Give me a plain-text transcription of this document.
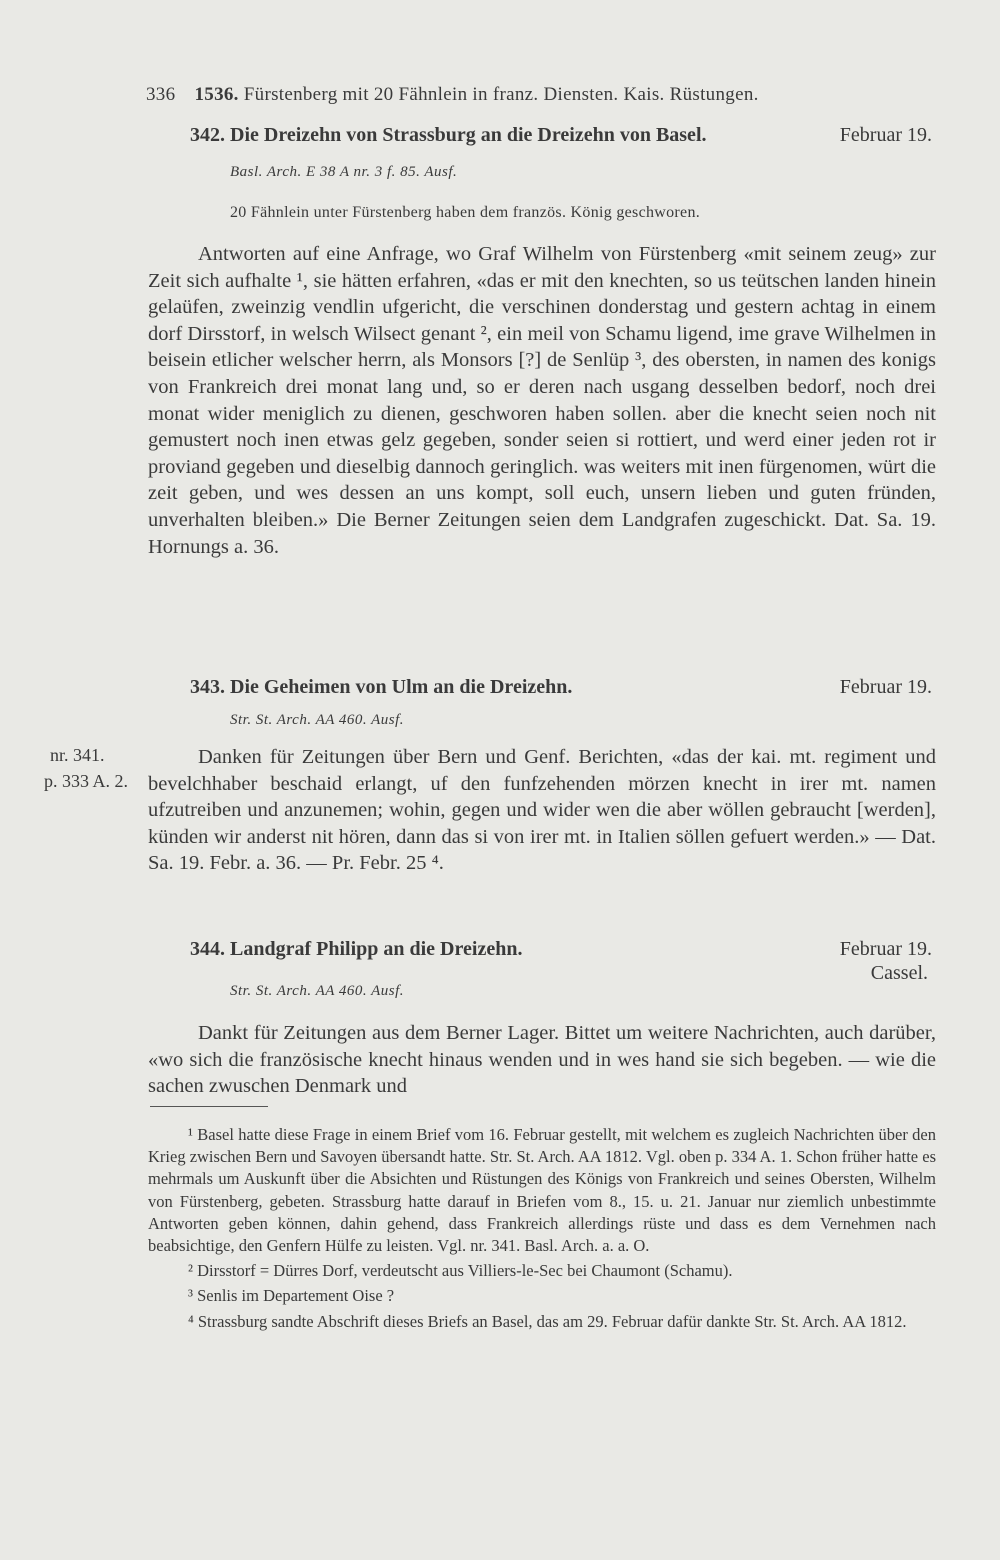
336 1536. Fürstenberg mit 20 Fähnlein in franz. Diensten. Kais. Rüstungen.
342. Die Dreizehn von Strassburg an die Dreizehn von Basel.	Februar 19.
Basl. Arch. E 38 A nr. 3 f. 85. Ausf.
20 Fähnlein unter Fürstenberg haben dem französ. König geschworen.

Antworten auf eine Anfrage, wo Graf Wilhelm von Fürstenberg «mit seinem zeug» zur Zeit sich aufhalte ¹, sie hätten erfahren, «das er mit den knechten, so us teütschen landen hinein gelaüfen, zweinzig vendlin ufgericht, die verschinen donderstag und gestern achtag in einem dorf Dirsstorf, in welsch Wilsect genant ², ein meil von Schamu ligend, ime grave Wilhelmen in beisein etlicher welscher herrn, als Monsors [?] de Senlüp ³, des obersten, in namen des konigs von Frankreich drei monat lang und, so er deren nach usgang desselben bedorf, noch drei monat wider meniglich zu dienen, geschworen haben sollen. aber die knecht seien noch nit gemustert noch inen etwas gelz gegeben, sonder seien si rottiert, und werd einer jeden rot ir proviand gegeben und dieselbig dannoch geringlich. was weiters mit inen fürgenomen, würt die zeit geben, und wes dessen an uns kompt, soll euch, unsern lieben und guten fründen, unverhalten bleiben.» Die Berner Zeitungen seien dem Landgrafen zugeschickt. Dat. Sa. 19. Hornungs a. 36.

343. Die Geheimen von Ulm an die Dreizehn.	Februar 19.
Str. St. Arch. AA 460. Ausf.
nr. 341.
p. 333 A. 2.

Danken für Zeitungen über Bern und Genf. Berichten, «das der kai. mt. regiment und bevelchhaber beschaid erlangt, uf den funfzehenden mörzen knecht in irer mt. namen ufzutreiben und anzunemen; wohin, gegen und wider wen die aber wöllen gebraucht [werden], künden wir anderst nit hören, dann das si von irer mt. in Italien söllen gefuert werden.» — Dat. Sa. 19. Febr. a. 36. — Pr. Febr. 25 ⁴.

344. Landgraf Philipp an die Dreizehn.	Februar 19.
Cassel.
Str. St. Arch. AA 460. Ausf.

Dankt für Zeitungen aus dem Berner Lager. Bittet um weitere Nachrichten, auch darüber, «wo sich die französische knecht hinaus wenden und in wes hand sie sich begeben. — wie die sachen zwuschen Denmark und

¹ Basel hatte diese Frage in einem Brief vom 16. Februar gestellt, mit welchem es zugleich Nachrichten über den Krieg zwischen Bern und Savoyen übersandt hatte. Str. St. Arch. AA 1812. Vgl. oben p. 334 A. 1. Schon früher hatte es mehrmals um Auskunft über die Absichten und Rüstungen des Königs von Frankreich und seines Obersten, Wilhelm von Fürstenberg, gebeten. Strassburg hatte darauf in Briefen vom 8., 15. u. 21. Januar nur ziemlich unbestimmte Antworten geben können, dahin gehend, dass Frankreich allerdings rüste und dass es dem Vernehmen nach beabsichtige, den Genfern Hülfe zu leisten. Vgl. nr. 341. Basl. Arch. a. a. O.

² Dirsstorf = Dürres Dorf, verdeutscht aus Villiers-le-Sec bei Chaumont (Schamu).

³ Senlis im Departement Oise ?

⁴ Strassburg sandte Abschrift dieses Briefs an Basel, das am 29. Februar dafür dankte Str. St. Arch. AA 1812.
